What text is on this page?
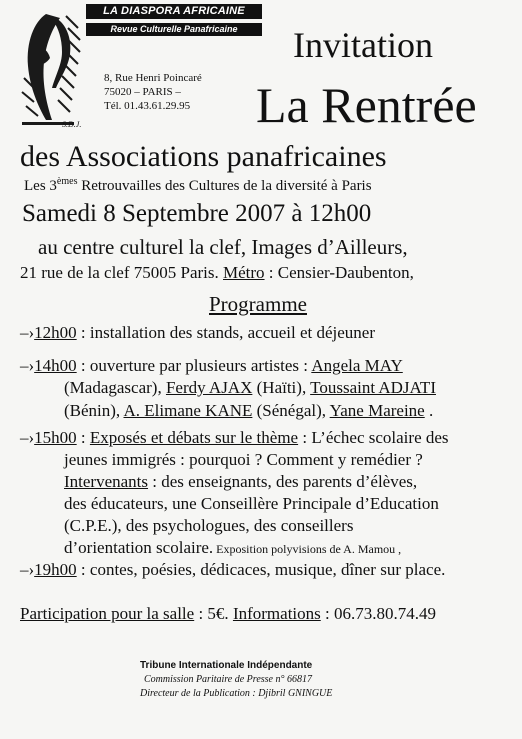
S.D.J.
LA DIASPORA AFRICAINE
Revue Culturelle Panafricaine
8, Rue Henri Poincaré
75020 – PARIS –
Tél. 01.43.61.29.95
Invitation
La Rentrée
des Associations panafricaines
Les 3èmes Retrouvailles des Cultures de la diversité à Paris
Samedi 8 Septembre 2007 à 12h00
au centre culturel la clef, Images d’Ailleurs,
21 rue de la clef 75005 Paris. Métro : Censier-Daubenton,
Programme
–›12h00 : installation des stands, accueil et déjeuner
–›14h00 : ouverture par plusieurs artistes : Angela MAY
(Madagascar), Ferdy AJAX (Haïti), Toussaint ADJATI
(Bénin), A. Elimane KANE (Sénégal), Yane Mareine .
–›15h00 : Exposés et débats sur le thème : L’échec scolaire des
jeunes immigrés : pourquoi ? Comment y remédier ?
Intervenants : des enseignants, des parents d’élèves,
des éducateurs, une Conseillère Principale d’Education
(C.P.E.), des psychologues, des conseillers
d’orientation scolaire. Exposition polyvisions de A. Mamou ,
–›19h00 : contes, poésies, dédicaces, musique, dîner sur place.
Participation pour la salle : 5€. Informations : 06.73.80.74.49
Tribune Internationale Indépendante
Commission Paritaire de Presse n° 66817
Directeur de la Publication : Djibril GNINGUE
